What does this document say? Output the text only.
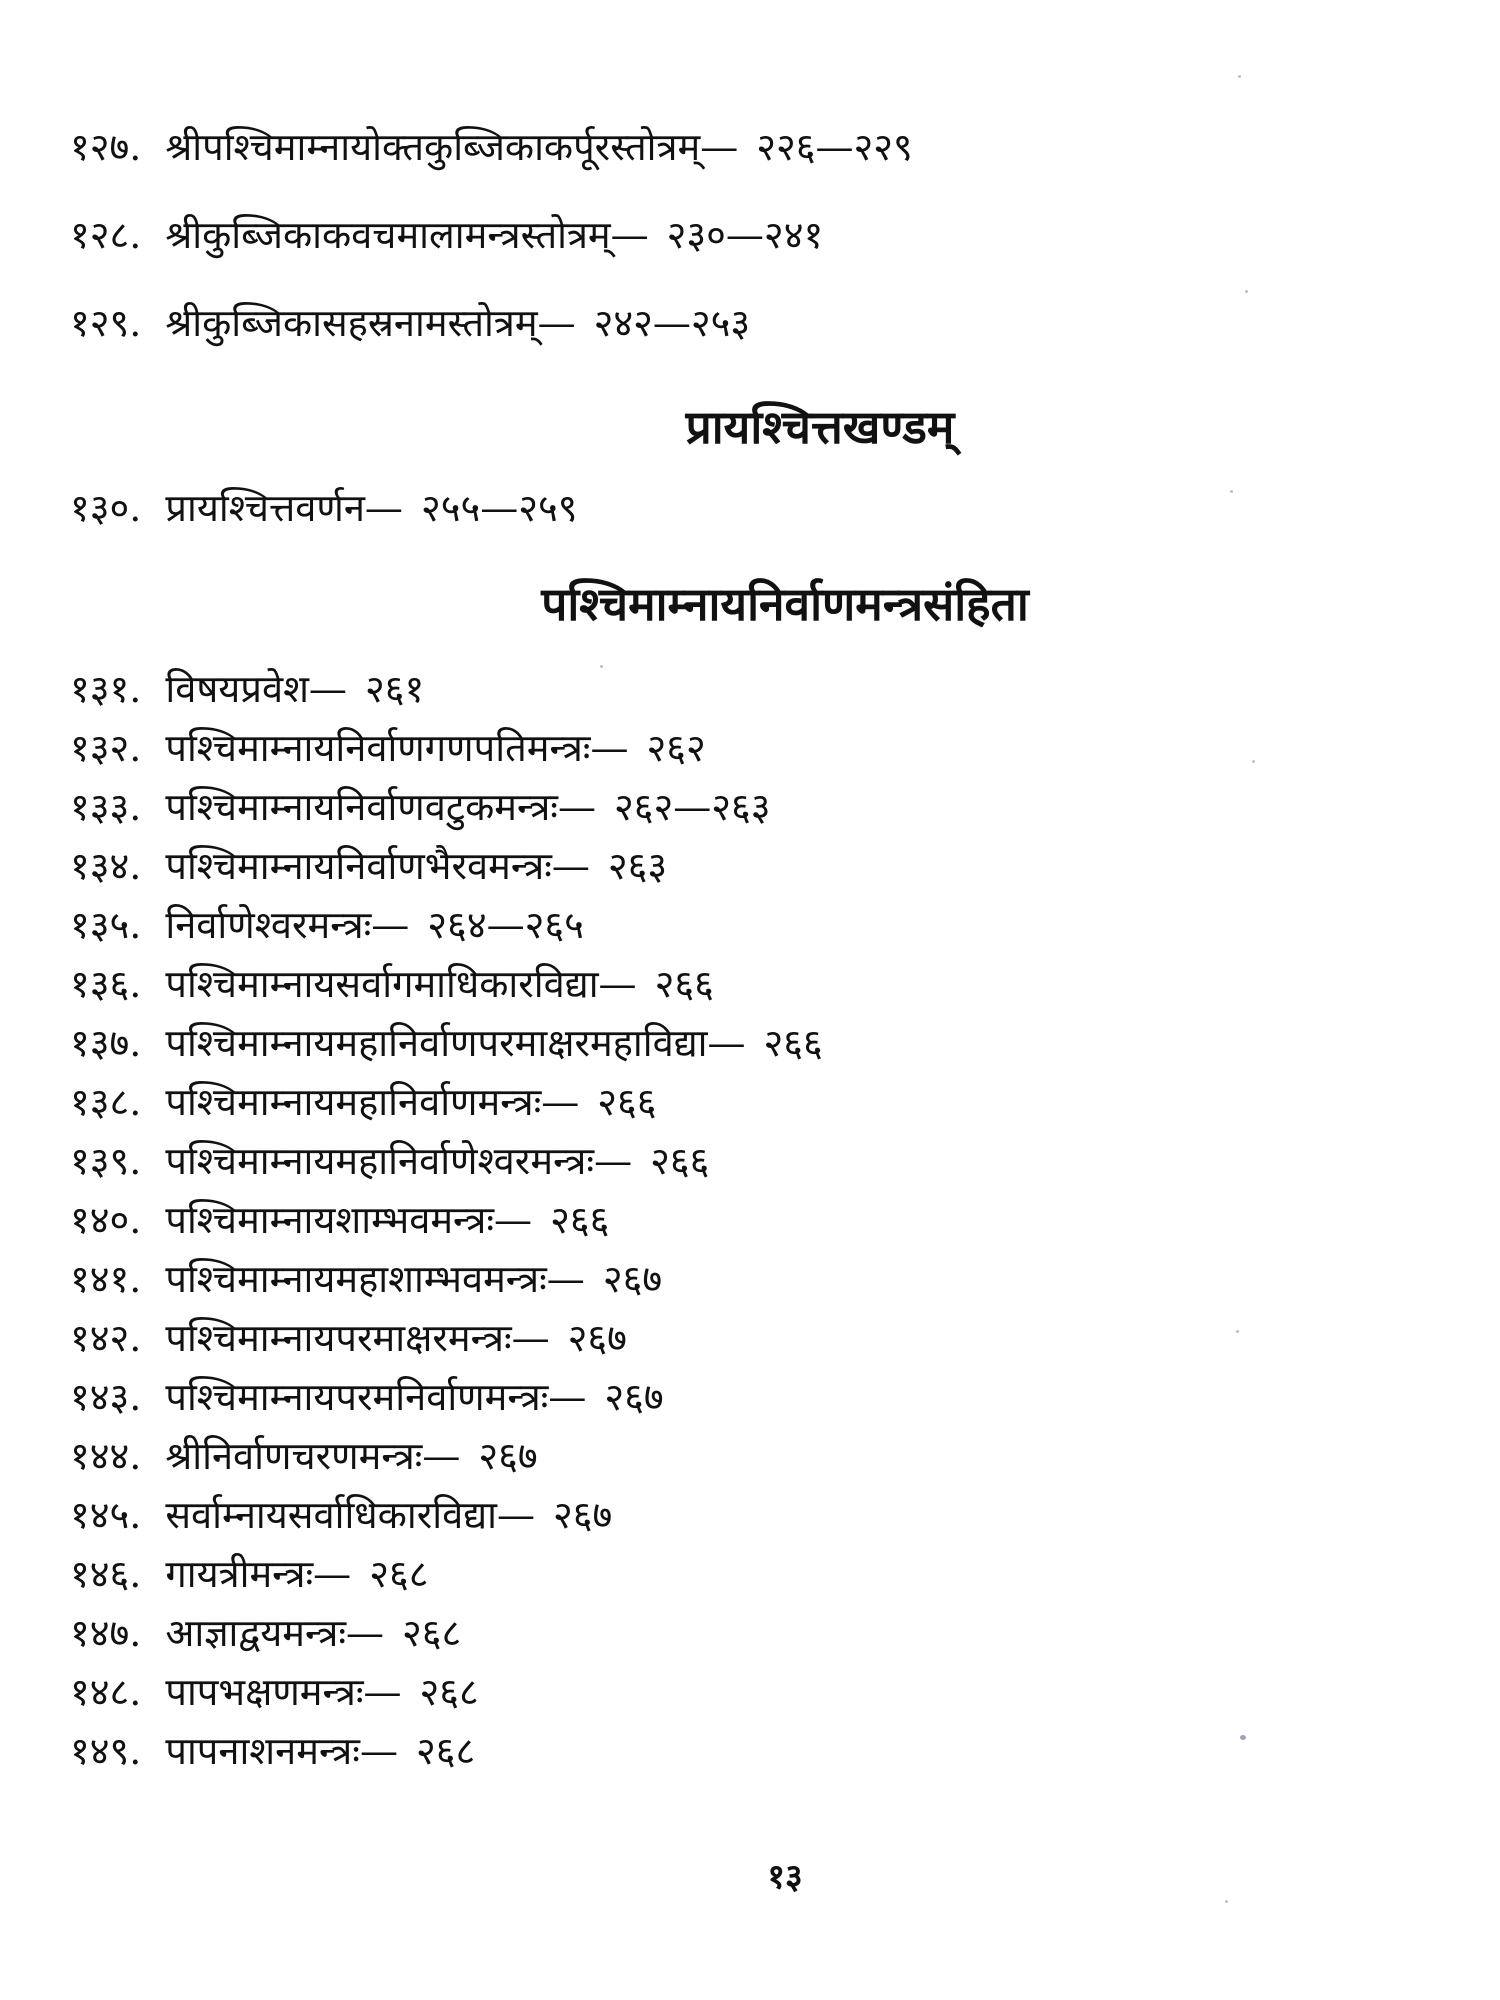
१२७. श्रीपश्चिमाम्नायोक्तकुब्जिकाकर्पूरस्तोत्रम्— २२६—२२९
१२८. श्रीकुब्जिकाकवचमालामन्त्रस्तोत्रम्— २३०—२४१
१२९. श्रीकुब्जिकासहस्रनामस्तोत्रम्— २४२—२५३
प्रायश्चित्तखण्डम्
१३०. प्रायश्चित्तवर्णन— २५५—२५९
पश्चिमाम्नायनिर्वाणमन्त्रसंहिता
१३१. विषयप्रवेश— २६१
१३२. पश्चिमाम्नायनिर्वाणगणपतिमन्त्रः— २६२
१३३. पश्चिमाम्नायनिर्वाणवटुकमन्त्रः— २६२—२६३
१३४. पश्चिमाम्नायनिर्वाणभैरवमन्त्रः— २६३
१३५. निर्वाणेश्वरमन्त्रः— २६४—२६५
१३६. पश्चिमाम्नायसर्वागमाधिकारविद्या— २६६
१३७. पश्चिमाम्नायमहानिर्वाणपरमाक्षरमहाविद्या— २६६
१३८. पश्चिमाम्नायमहानिर्वाणमन्त्रः— २६६
१३९. पश्चिमाम्नायमहानिर्वाणेश्वरमन्त्रः— २६६
१४०. पश्चिमाम्नायशाम्भवमन्त्रः— २६६
१४१. पश्चिमाम्नायमहाशाम्भवमन्त्रः— २६७
१४२. पश्चिमाम्नायपरमाक्षरमन्त्रः— २६७
१४३. पश्चिमाम्नायपरमनिर्वाणमन्त्रः— २६७
१४४. श्रीनिर्वाणचरणमन्त्रः— २६७
१४५. सर्वाम्नायसर्वाधिकारविद्या— २६७
१४६. गायत्रीमन्त्रः— २६८
१४७. आज्ञाद्वयमन्त्रः— २६८
१४८. पापभक्षणमन्त्रः— २६८
१४९. पापनाशनमन्त्रः— २६८
१३
